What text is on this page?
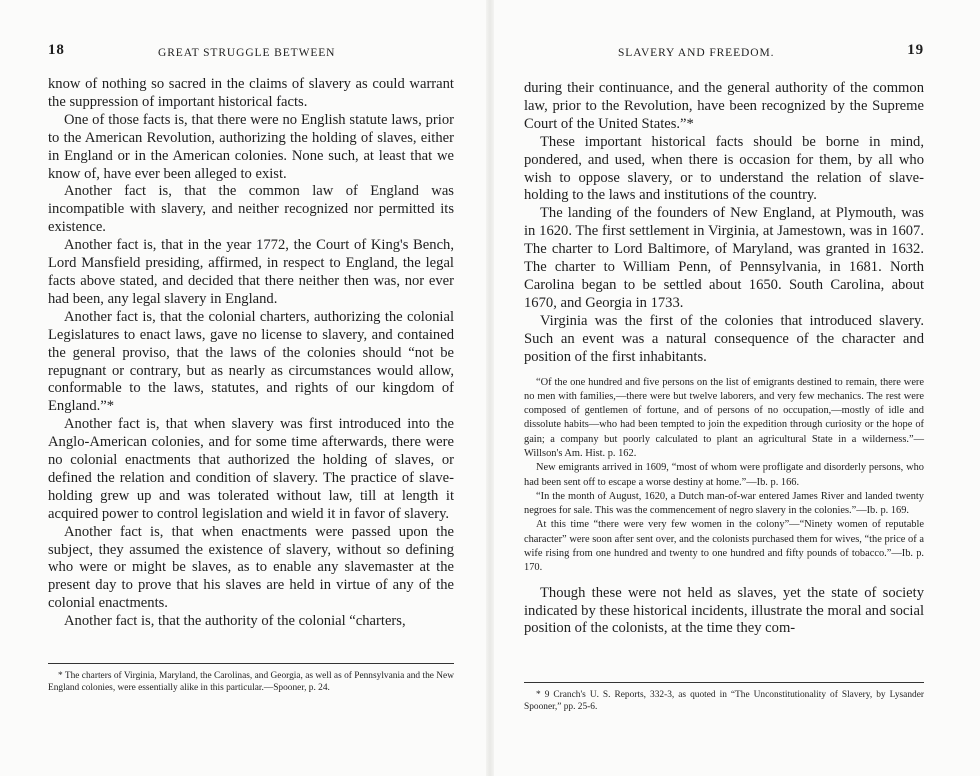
18	GREAT STRUGGLE BETWEEN

know of nothing so sacred in the claims of slavery as could warrant the suppression of important historical facts.

One of those facts is, that there were no English statute laws, prior to the American Revolution, authorizing the holding of slaves, either in England or in the American colonies. None such, at least that we know of, have ever been alleged to exist.

Another fact is, that the common law of England was incompatible with slavery, and neither recognized nor permitted its existence.

Another fact is, that in the year 1772, the Court of King's Bench, Lord Mansfield presiding, affirmed, in respect to England, the legal facts above stated, and decided that there neither then was, nor ever had been, any legal slavery in England.

Another fact is, that the colonial charters, authorizing the colonial Legislatures to enact laws, gave no license to slavery, and contained the general proviso, that the laws of the colonies should “not be repugnant or contrary, but as nearly as circumstances would allow, conformable to the laws, statutes, and rights of our kingdom of England.”*

Another fact is, that when slavery was first introduced into the Anglo-American colonies, and for some time afterwards, there were no colonial enactments that authorized the holding of slaves, or defined the relation and condition of slavery. The practice of slave-holding grew up and was tolerated without law, till at length it acquired power to control legislation and wield it in favor of slavery.

Another fact is, that when enactments were passed upon the subject, they assumed the existence of slavery, without so defining who were or might be slaves, as to enable any slavemaster at the present day to prove that his slaves are held in virtue of any of the colonial enactments.

Another fact is, that the authority of the colonial “charters,

* The charters of Virginia, Maryland, the Carolinas, and Georgia, as well as of Pennsylvania and the New England colonies, were essentially alike in this particular.—Spooner, p. 24.
SLAVERY AND FREEDOM.	19

during their continuance, and the general authority of the common law, prior to the Revolution, have been recognized by the Supreme Court of the United States.”*

These important historical facts should be borne in mind, pondered, and used, when there is occasion for them, by all who wish to oppose slavery, or to understand the relation of slave-holding to the laws and institutions of the country.

The landing of the founders of New England, at Plymouth, was in 1620. The first settlement in Virginia, at Jamestown, was in 1607. The charter to Lord Baltimore, of Maryland, was granted in 1632. The charter to William Penn, of Pennsylvania, in 1681. North Carolina began to be settled about 1650. South Carolina, about 1670, and Georgia in 1733.

Virginia was the first of the colonies that introduced slavery. Such an event was a natural consequence of the character and position of the first inhabitants.

“Of the one hundred and five persons on the list of emigrants destined to remain, there were no men with families,—there were but twelve laborers, and very few mechanics. The rest were composed of gentlemen of fortune, and of persons of no occupation,—mostly of idle and dissolute habits—who had been tempted to join the expedition through curiosity or the hope of gain; a company but poorly calculated to plant an agricultural State in a wilderness.”—Willson's Am. Hist. p. 162.

New emigrants arrived in 1609, “most of whom were profligate and disorderly persons, who had been sent off to escape a worse destiny at home.”—Ib. p. 166.

“In the month of August, 1620, a Dutch man-of-war entered James River and landed twenty negroes for sale. This was the commencement of negro slavery in the colonies.”—Ib. p. 169.

At this time “there were very few women in the colony”—“Ninety women of reputable character” were soon after sent over, and the colonists purchased them for wives, “the price of a wife rising from one hundred and twenty to one hundred and fifty pounds of tobacco.”—Ib. p. 170.

Though these were not held as slaves, yet the state of society indicated by these historical incidents, illustrate the moral and social position of the colonists, at the time they com-

* 9 Cranch's U. S. Reports, 332-3, as quoted in “The Unconstitutionality of Slavery, by Lysander Spooner,” pp. 25-6.
